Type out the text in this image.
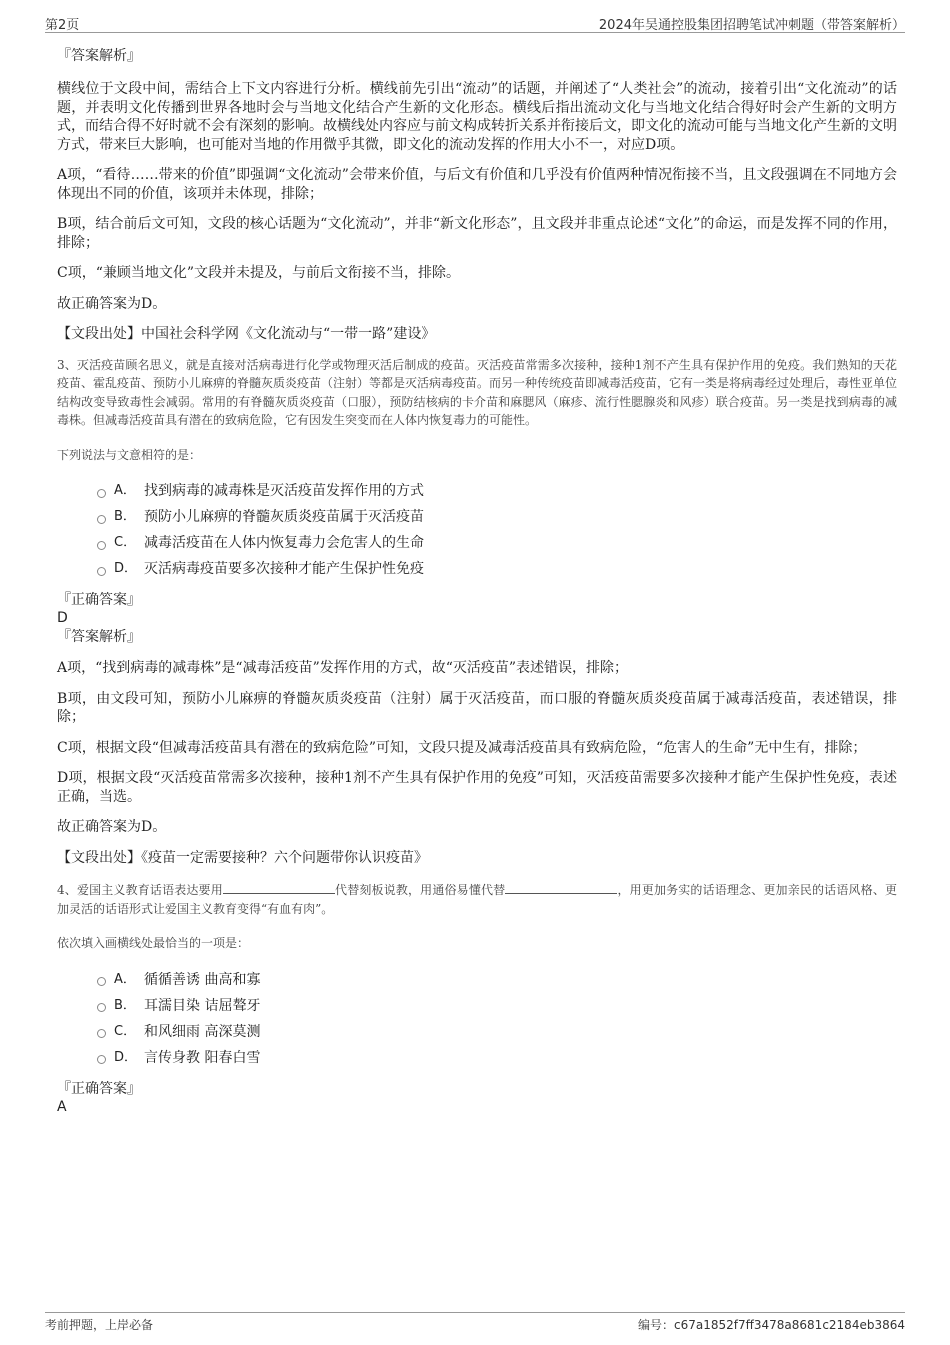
第2页	2024年吴通控股集团招聘笔试冲刺题（带答案解析）

『答案解析』

横线位于文段中间，需结合上下文内容进行分析。横线前先引出“流动”的话题，并阐述了“人类社会”的流动，接着引出“文化流动”的话题，并表明文化传播到世界各地时会与当地文化结合产生新的文化形态。横线后指出流动文化与当地文化结合得好时会产生新的文明方式，而结合得不好时就不会有深刻的影响。故横线处内容应与前文构成转折关系并衔接后文，即文化的流动可能与当地文化产生新的文明方式，带来巨大影响，也可能对当地的作用微乎其微，即文化的流动发挥的作用大小不一，对应D项。

A项，“看待……带来的价值”即强调“文化流动”会带来价值，与后文有价值和几乎没有价值两种情况衔接不当，且文段强调在不同地方会体现出不同的价值，该项并未体现，排除；

B项，结合前后文可知，文段的核心话题为“文化流动”，并非“新文化形态”，且文段并非重点论述“文化”的命运，而是发挥不同的作用，排除；

C项，“兼顾当地文化”文段并未提及，与前后文衔接不当，排除。

故正确答案为D。

【文段出处】中国社会科学网《文化流动与“一带一路”建设》

3、灭活疫苗顾名思义，就是直接对活病毒进行化学或物理灭活后制成的疫苗。灭活疫苗常需多次接种，接种1剂不产生具有保护作用的免疫。我们熟知的天花疫苗、霍乱疫苗、预防小儿麻痹的脊髓灰质炎疫苗（注射）等都是灭活病毒疫苗。而另一种传统疫苗即减毒活疫苗，它有一类是将病毒经过处理后，毒性亚单位结构改变导致毒性会减弱。常用的有脊髓灰质炎疫苗（口服），预防结核病的卡介苗和麻腮风（麻疹、流行性腮腺炎和风疹）联合疫苗。另一类是找到病毒的减毒株。但减毒活疫苗具有潜在的致病危险，它有因发生突变而在人体内恢复毒力的可能性。

下列说法与文意相符的是：

A． 找到病毒的减毒株是灭活疫苗发挥作用的方式
B． 预防小儿麻痹的脊髓灰质炎疫苗属于灭活疫苗
C． 减毒活疫苗在人体内恢复毒力会危害人的生命
D． 灭活病毒疫苗要多次接种才能产生保护性免疫

『正确答案』

D

『答案解析』

A项，“找到病毒的减毒株”是“减毒活疫苗”发挥作用的方式，故“灭活疫苗”表述错误，排除；

B项，由文段可知，预防小儿麻痹的脊髓灰质炎疫苗（注射）属于灭活疫苗，而口服的脊髓灰质炎疫苗属于减毒活疫苗，表述错误，排除；

C项，根据文段“但减毒活疫苗具有潜在的致病危险”可知，文段只提及减毒活疫苗具有致病危险，“危害人的生命”无中生有，排除；

D项，根据文段“灭活疫苗常需多次接种，接种1剂不产生具有保护作用的免疫”可知，灭活疫苗需要多次接种才能产生保护性免疫，表述正确，当选。

故正确答案为D。

【文段出处】《疫苗一定需要接种？六个问题带你认识疫苗》

4、爱国主义教育话语表达要用	代替刻板说教，用通俗易懂代替	，用更加务实的话语理念、更加亲民的话语风格、更加灵活的话语形式让爱国主义教育变得“有血有肉”。

依次填入画横线处最恰当的一项是：

A． 循循善诱 曲高和寡
B． 耳濡目染 诘屈聱牙
C． 和风细雨 高深莫测
D． 言传身教 阳春白雪

『正确答案』

A

考前押题，上岸必备	编号：c67a1852f7ff3478a8681c2184eb3864
